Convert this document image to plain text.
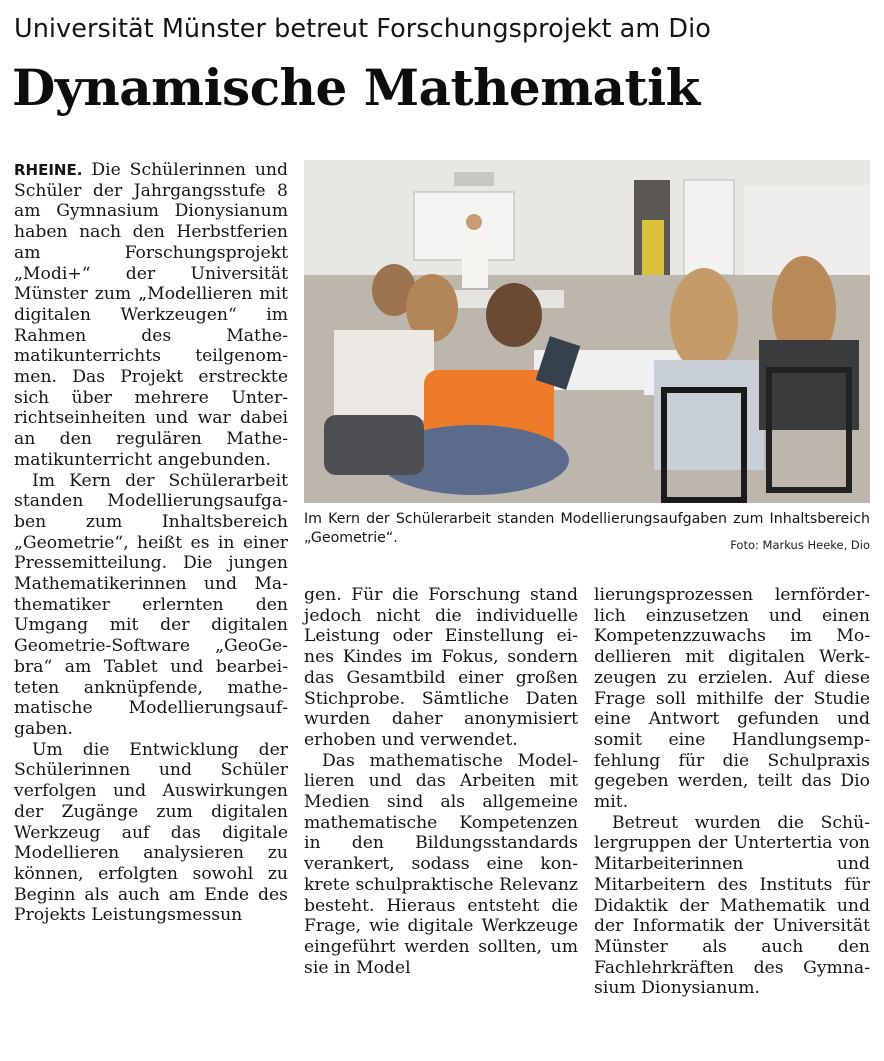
Universität Münster betreut Forschungsprojekt am Dio
Dynamische Mathematik

RHEINE. Die Schülerinnen und Schüler der Jahrgangsstufe 8 am Gymnasium Dionysianum haben nach den Herbstferien am Forschungsprojekt „Modi+“ der Universität Münster zum „Modellieren mit digitalen Werkzeugen“ im Rahmen des Mathematikunterrichts teilgenommen. Das Projekt erstreckte sich über mehrere Unterrichtseinheiten und war dabei an den regulären Mathematikunterricht angebunden.

Im Kern der Schülerarbeit standen Modellierungsaufgaben zum Inhaltsbereich „Geometrie“, heißt es in einer Pressemitteilung. Die jungen Mathematikerinnen und Mathematiker erlernten den Umgang mit der digitalen Geometrie-Software „GeoGebra“ am Tablet und bearbeiteten anknüpfende, mathematische Modellierungsaufgaben.

Um die Entwicklung der Schülerinnen und Schüler verfolgen und Auswirkungen der Zugänge zum digitalen Werkzeug auf das digitale Modellieren analysieren zu können, erfolgten sowohl zu Beginn als auch am Ende des Projekts Leistungsmessun

Im Kern der Schülerarbeit standen Modellierungsaufgaben zum Inhaltsbereich „Geometrie“.	Foto: Markus Heeke, Dio

gen. Für die Forschung stand jedoch nicht die individuelle Leistung oder Einstellung eines Kindes im Fokus, sondern das Gesamtbild einer großen Stichprobe. Sämtliche Daten wurden daher anonymisiert erhoben und verwendet.

Das mathematische Modellieren und das Arbeiten mit Medien sind als allgemeine mathematische Kompetenzen in den Bildungsstandards verankert, sodass eine konkrete schulpraktische Relevanz besteht. Hieraus entsteht die Frage, wie digitale Werkzeuge eingeführt werden sollten, um sie in Model

lierungsprozessen lernförderlich einzusetzen und einen Kompetenzzuwachs im Modellieren mit digitalen Werkzeugen zu erzielen. Auf diese Frage soll mithilfe der Studie eine Antwort gefunden und somit eine Handlungsempfehlung für die Schulpraxis gegeben werden, teilt das Dio mit.

Betreut wurden die Schülergruppen der Untertertia von Mitarbeiterinnen und Mitarbeitern des Instituts für Didaktik der Mathematik und der Informatik der Universität Münster als auch den Fachlehrkräften des Gymnasium Dionysianum.
